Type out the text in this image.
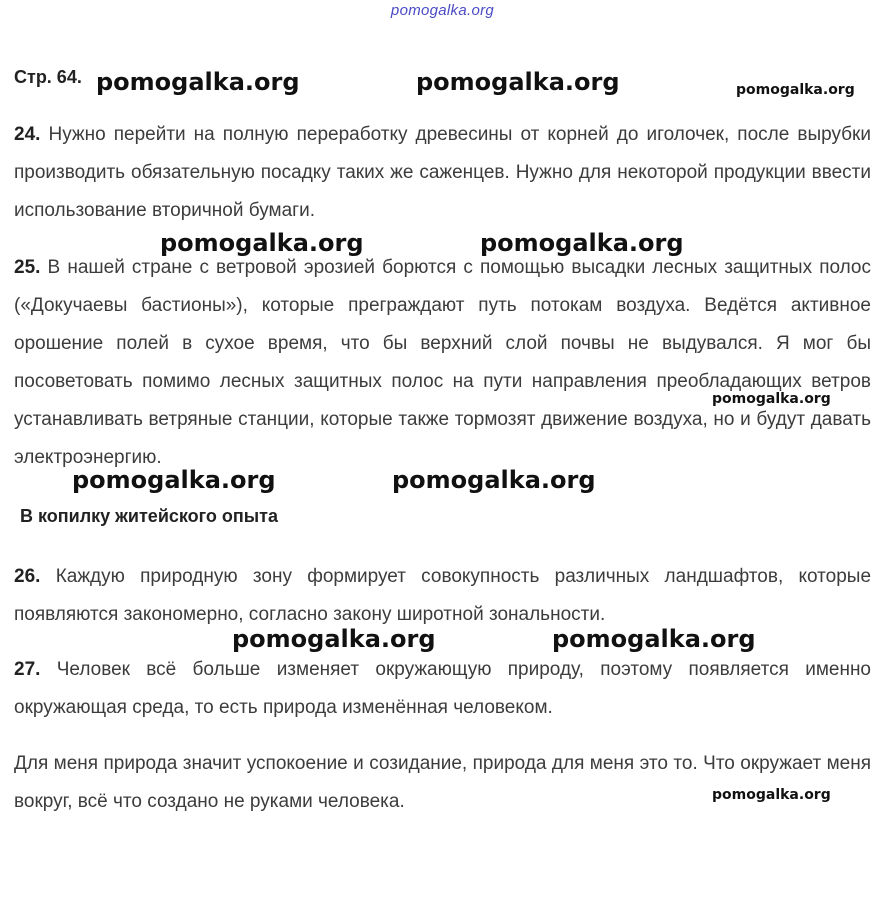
pomogalka.org
Стр. 64.
24. Нужно перейти на полную переработку древесины от корней до иголочек, после вырубки производить обязательную посадку таких же саженцев. Нужно для некоторой продукции ввести использование вторичной бумаги.
25. В нашей стране с ветровой эрозией борются с помощью высадки лесных защитных полос («Докучаевы бастионы»), которые преграждают путь потокам воздуха. Ведётся активное орошение полей в сухое время, что бы верхний слой почвы не выдувался. Я мог бы посоветовать помимо лесных защитных полос на пути направления преобладающих ветров устанавливать ветряные станции, которые также тормозят движение воздуха, но и будут давать электроэнергию.
В копилку житейского опыта
26. Каждую природную зону формирует совокупность различных ландшафтов, которые появляются закономерно, согласно закону широтной зональности.
27. Человек всё больше изменяет окружающую природу, поэтому появляется именно окружающая среда, то есть природа изменённая человеком.
Для меня природа значит успокоение и созидание, природа для меня это то. Что окружает меня вокруг, всё что создано не руками человека.
pomogalka.org	pomogalka.org	pomogalka.org
pomogalka.org	pomogalka.org
pomogalka.org
pomogalka.org	pomogalka.org
pomogalka.org	pomogalka.org
pomogalka.org
